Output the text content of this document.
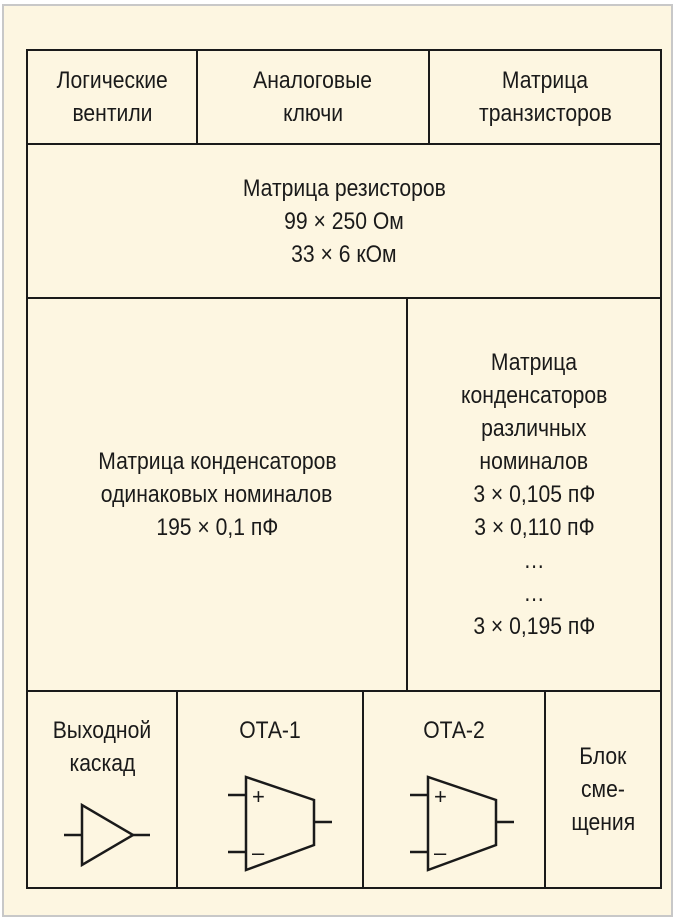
Логические
вентили
Аналоговые
ключи
Матрица
транзисторов
Матрица резисторов
99 × 250 Ом
33 × 6 кОм
Матрица конденсаторов
одинаковых номиналов
195 × 0,1 пФ
Матрица
конденсаторов
различных
номиналов
3 × 0,105 пФ
3 × 0,110 пФ
…
…
3 × 0,195 пФ
Выходной
каскад
+
–
ОТА-1
+
–
ОТА-2
Блок
сме-
щения
